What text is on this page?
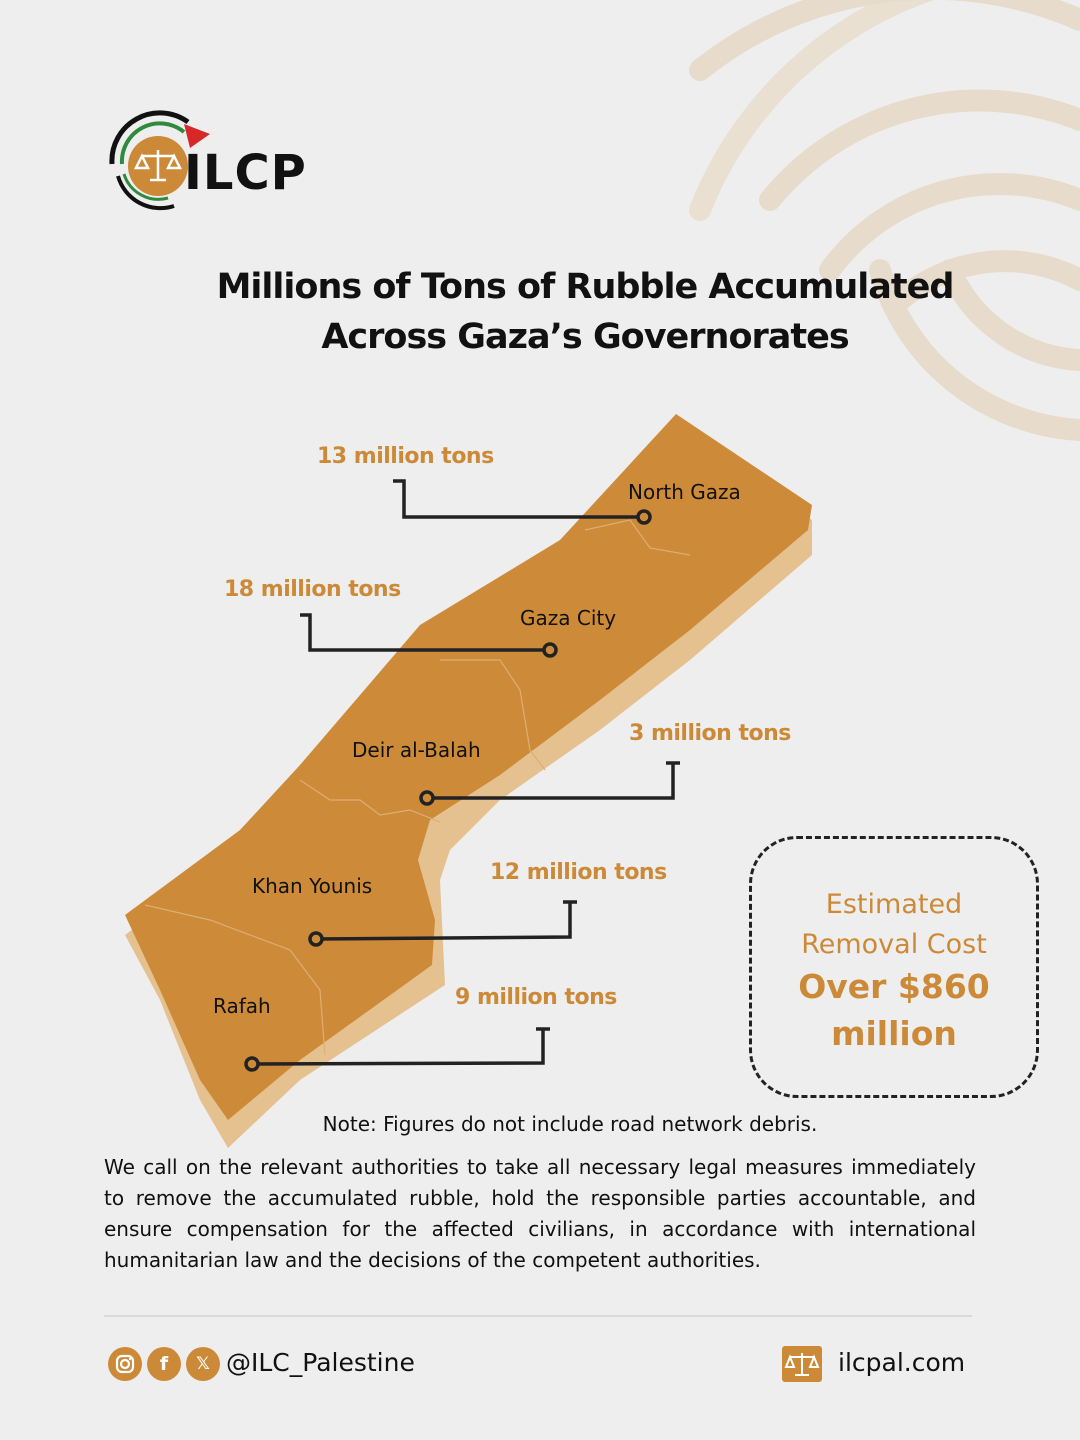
ILCP
Millions of Tons of Rubble Accumulated
Across Gaza’s Governorates
North Gaza
Gaza City
Deir al-Balah
Khan Younis
Rafah
13 million tons
18 million tons
3 million tons
12 million tons
9 million tons
Estimated
Removal Cost
Over $860
million
Note: Figures do not include road network debris.
We call on the relevant authorities to take all necessary legal measures immediately to remove the accumulated rubble, hold the responsible parties accountable, and ensure compensation for the affected civilians, in accordance with international humanitarian law and the decisions of the competent authorities.
f	𝕏 @ILC_Palestine	ilcpal.com
